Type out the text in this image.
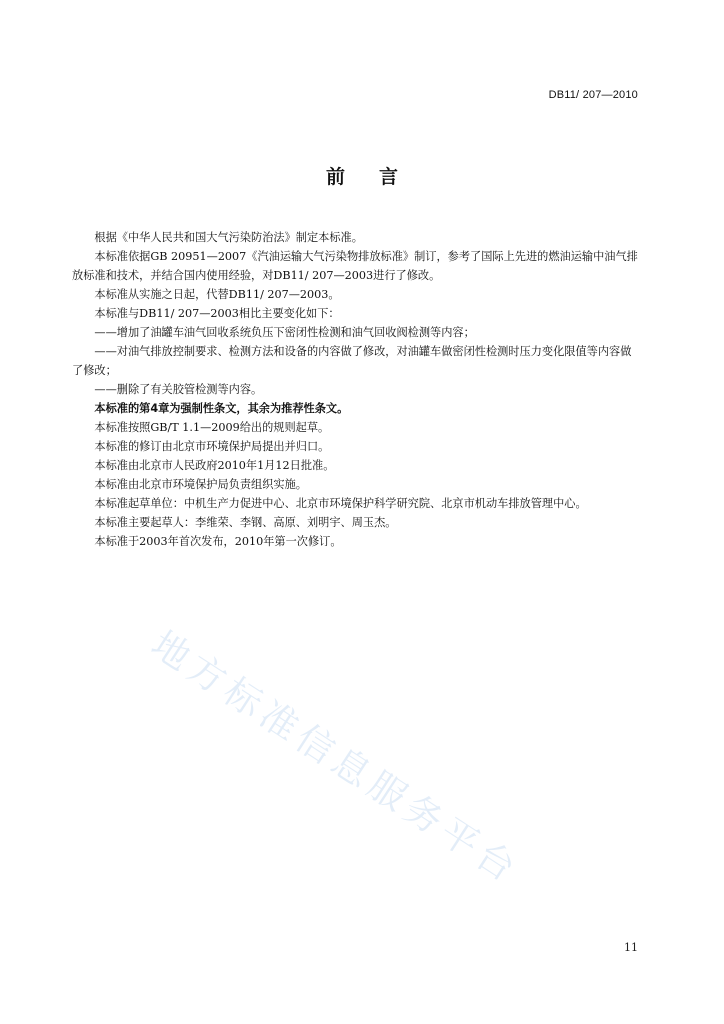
DB11/ 207—2010
前言

根据《中华人民共和国大气污染防治法》制定本标准。

本标准依据GB 20951—2007《汽油运输大气污染物排放标准》制订，参考了国际上先进的燃油运输中油气排放标准和技术，并结合国内使用经验，对DB11/ 207—2003进行了修改。

本标准从实施之日起，代替DB11/ 207—2003。

本标准与DB11/ 207—2003相比主要变化如下：

——增加了油罐车油气回收系统负压下密闭性检测和油气回收阀检测等内容；

——对油气排放控制要求、检测方法和设备的内容做了修改，对油罐车做密闭性检测时压力变化限值等内容做了修改；

——删除了有关胶管检测等内容。

本标准的第4章为强制性条文，其余为推荐性条文。

本标准按照GB/T 1.1—2009给出的规则起草。

本标准的修订由北京市环境保护局提出并归口。

本标准由北京市人民政府2010年1月12日批准。

本标准由北京市环境保护局负责组织实施。

本标准起草单位：中机生产力促进中心、北京市环境保护科学研究院、北京市机动车排放管理中心。

本标准主要起草人：李维荣、李钢、高原、刘明宇、周玉杰。

本标准于2003年首次发布，2010年第一次修订。

地方标准信息服务平台
11
